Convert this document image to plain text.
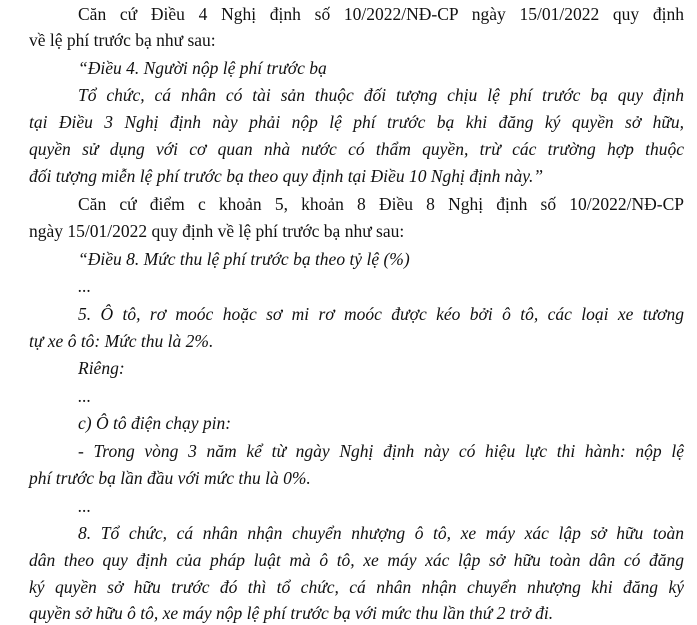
Căn cứ Điều 4 Nghị định số 10/2022/NĐ-CP ngày 15/01/2022 quy định
về lệ phí trước bạ như sau:
“Điều 4. Người nộp lệ phí trước bạ
Tổ chức, cá nhân có tài sản thuộc đối tượng chịu lệ phí trước bạ quy định
tại Điều 3 Nghị định này phải nộp lệ phí trước bạ khi đăng ký quyền sở hữu,
quyền sử dụng với cơ quan nhà nước có thẩm quyền, trừ các trường hợp thuộc
đối tượng miễn lệ phí trước bạ theo quy định tại Điều 10 Nghị định này.”
Căn cứ điểm c khoản 5, khoản 8 Điều 8 Nghị định số 10/2022/NĐ-CP
ngày 15/01/2022 quy định về lệ phí trước bạ như sau:
“Điều 8. Mức thu lệ phí trước bạ theo tỷ lệ (%)
...
5. Ô tô, rơ moóc hoặc sơ mi rơ moóc được kéo bởi ô tô, các loại xe tương
tự xe ô tô: Mức thu là 2%.
Riêng:
...
c) Ô tô điện chạy pin:
- Trong vòng 3 năm kể từ ngày Nghị định này có hiệu lực thi hành: nộp lệ
phí trước bạ lần đầu với mức thu là 0%.
...
8. Tổ chức, cá nhân nhận chuyển nhượng ô tô, xe máy xác lập sở hữu toàn
dân theo quy định của pháp luật mà ô tô, xe máy xác lập sở hữu toàn dân có đăng
ký quyền sở hữu trước đó thì tổ chức, cá nhân nhận chuyển nhượng khi đăng ký
quyền sở hữu ô tô, xe máy nộp lệ phí trước bạ với mức thu lần thứ 2 trở đi.
